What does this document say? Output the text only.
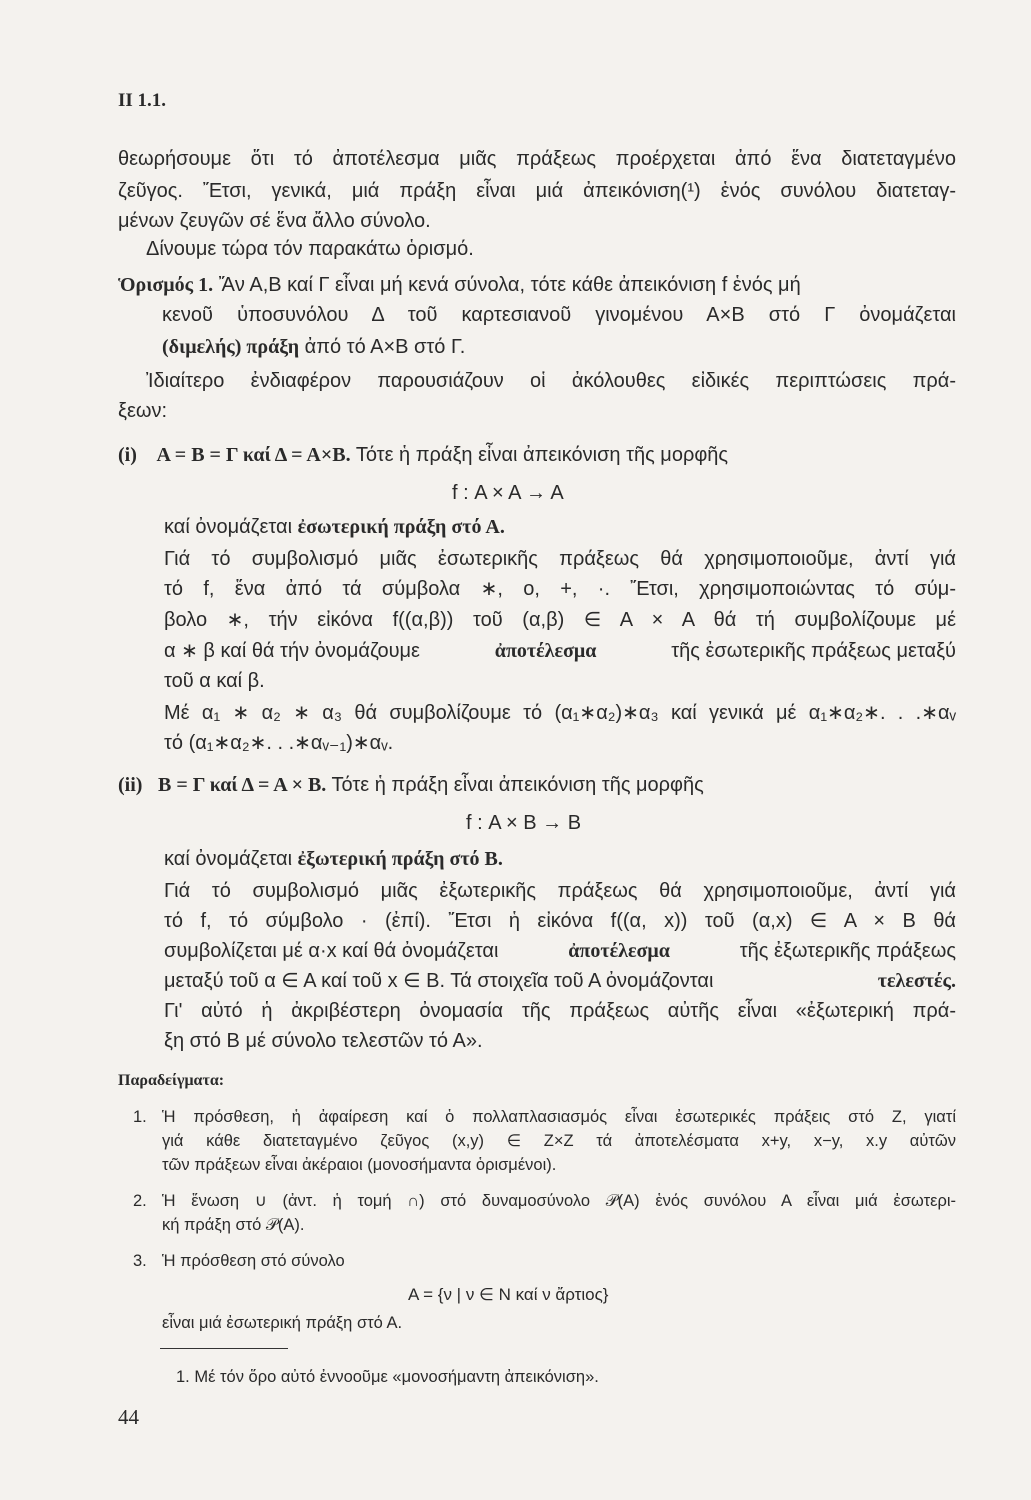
II 1.1.
θεωρήσουμε ὅτι τό ἀποτέλεσμα μιᾶς πράξεως προέρχεται ἀπό ἕνα διατεταγμένο
ζεῦγος. Ἔτσι, γενικά, μιά πράξη εἶναι μιά ἀπεικόνιση(¹) ἑνός συνόλου διατεταγ-
μένων ζευγῶν σέ ἕνα ἄλλο σύνολο.
Δίνουμε τώρα τόν παρακάτω ὁρισμό.
Ὁρισμός 1. Ἄν Α,Β καί Γ εἶναι μή κενά σύνολα, τότε κάθε ἀπεικόνιση f ἑνός μή
κενοῦ ὑποσυνόλου Δ τοῦ καρτεσιανοῦ γινομένου Α×Β στό Γ ὀνομάζεται
(διμελής) πράξη ἀπό τό Α×Β στό Γ.
Ἰδιαίτερο ἐνδιαφέρον παρουσιάζουν οἱ ἀκόλουθες εἰδικές περιπτώσεις πρά-
ξεων:
(i) Α = Β = Γ καί Δ = Α×Β. Τότε ἡ πράξη εἶναι ἀπεικόνιση τῆς μορφῆς
f : Α × Α → Α
καί ὀνομάζεται ἐσωτερική πράξη στό Α.
Γιά τό συμβολισμό μιᾶς ἐσωτερικῆς πράξεως θά χρησιμοποιοῦμε, ἀντί γιά
τό f, ἕνα ἀπό τά σύμβολα ∗, ο, +, ·. Ἔτσι, χρησιμοποιώντας τό σύμ-
βολο ∗, τήν εἰκόνα f((α,β)) τοῦ (α,β) ∈ Α × Α θά τή συμβολίζουμε μέ
α ∗ β καί θά τήν ὀνομάζουμε	ἀποτέλεσμα	τῆς ἐσωτερικῆς πράξεως μεταξύ
τοῦ α καί β.
Μέ α₁ ∗ α₂ ∗ α₃ θά συμβολίζουμε τό (α₁∗α₂)∗α₃ καί γενικά μέ α₁∗α₂∗. . .∗αᵥ
τό (α₁∗α₂∗. . .∗αᵥ₋₁)∗αᵥ.
(ii) Β = Γ καί Δ = Α × Β. Τότε ἡ πράξη εἶναι ἀπεικόνιση τῆς μορφῆς
f : Α × Β → Β
καί ὀνομάζεται ἐξωτερική πράξη στό Β.
Γιά τό συμβολισμό μιᾶς ἐξωτερικῆς πράξεως θά χρησιμοποιοῦμε, ἀντί γιά
τό f, τό σύμβολο · (ἐπί). Ἔτσι ἡ εἰκόνα f((α, x)) τοῦ (α,x) ∈ Α × Β θά
συμβολίζεται μέ α·x καί θά ὀνομάζεται	ἀποτέλεσμα	τῆς ἐξωτερικῆς πράξεως
μεταξύ τοῦ α ∈ Α καί τοῦ x ∈ Β. Τά στοιχεῖα τοῦ Α ὀνομάζονται	τελεστές.
Γι' αὐτό ἡ ἀκριβέστερη ὀνομασία τῆς πράξεως αὐτῆς εἶναι «ἐξωτερική πρά-
ξη στό Β μέ σύνολο τελεστῶν τό Α».
Παραδείγματα:
1. Ἡ πρόσθεση, ἡ ἀφαίρεση καί ὁ πολλαπλασιασμός εἶναι ἐσωτερικές πράξεις στό Z, γιατί
γιά κάθε διατεταγμένο ζεῦγος (x,y) ∈ Z×Z τά ἀποτελέσματα x+y, x−y, x.y αὐτῶν
τῶν πράξεων εἶναι ἀκέραιοι (μονοσήμαντα ὁρισμένοι).
2. Ἡ ἕνωση ∪ (ἀντ. ἡ τομή ∩) στό δυναμοσύνολο 𝒫(Α) ἑνός συνόλου Α εἶναι μιά ἐσωτερι-
κή πράξη στό 𝒫(Α).
3. Ἡ πρόσθεση στό σύνολο
Α = {ν | ν ∈ N καί ν ἄρτιος}
εἶναι μιά ἐσωτερική πράξη στό Α.
1. Μέ τόν ὅρο αὐτό ἐννοοῦμε «μονοσήμαντη ἀπεικόνιση».
44
